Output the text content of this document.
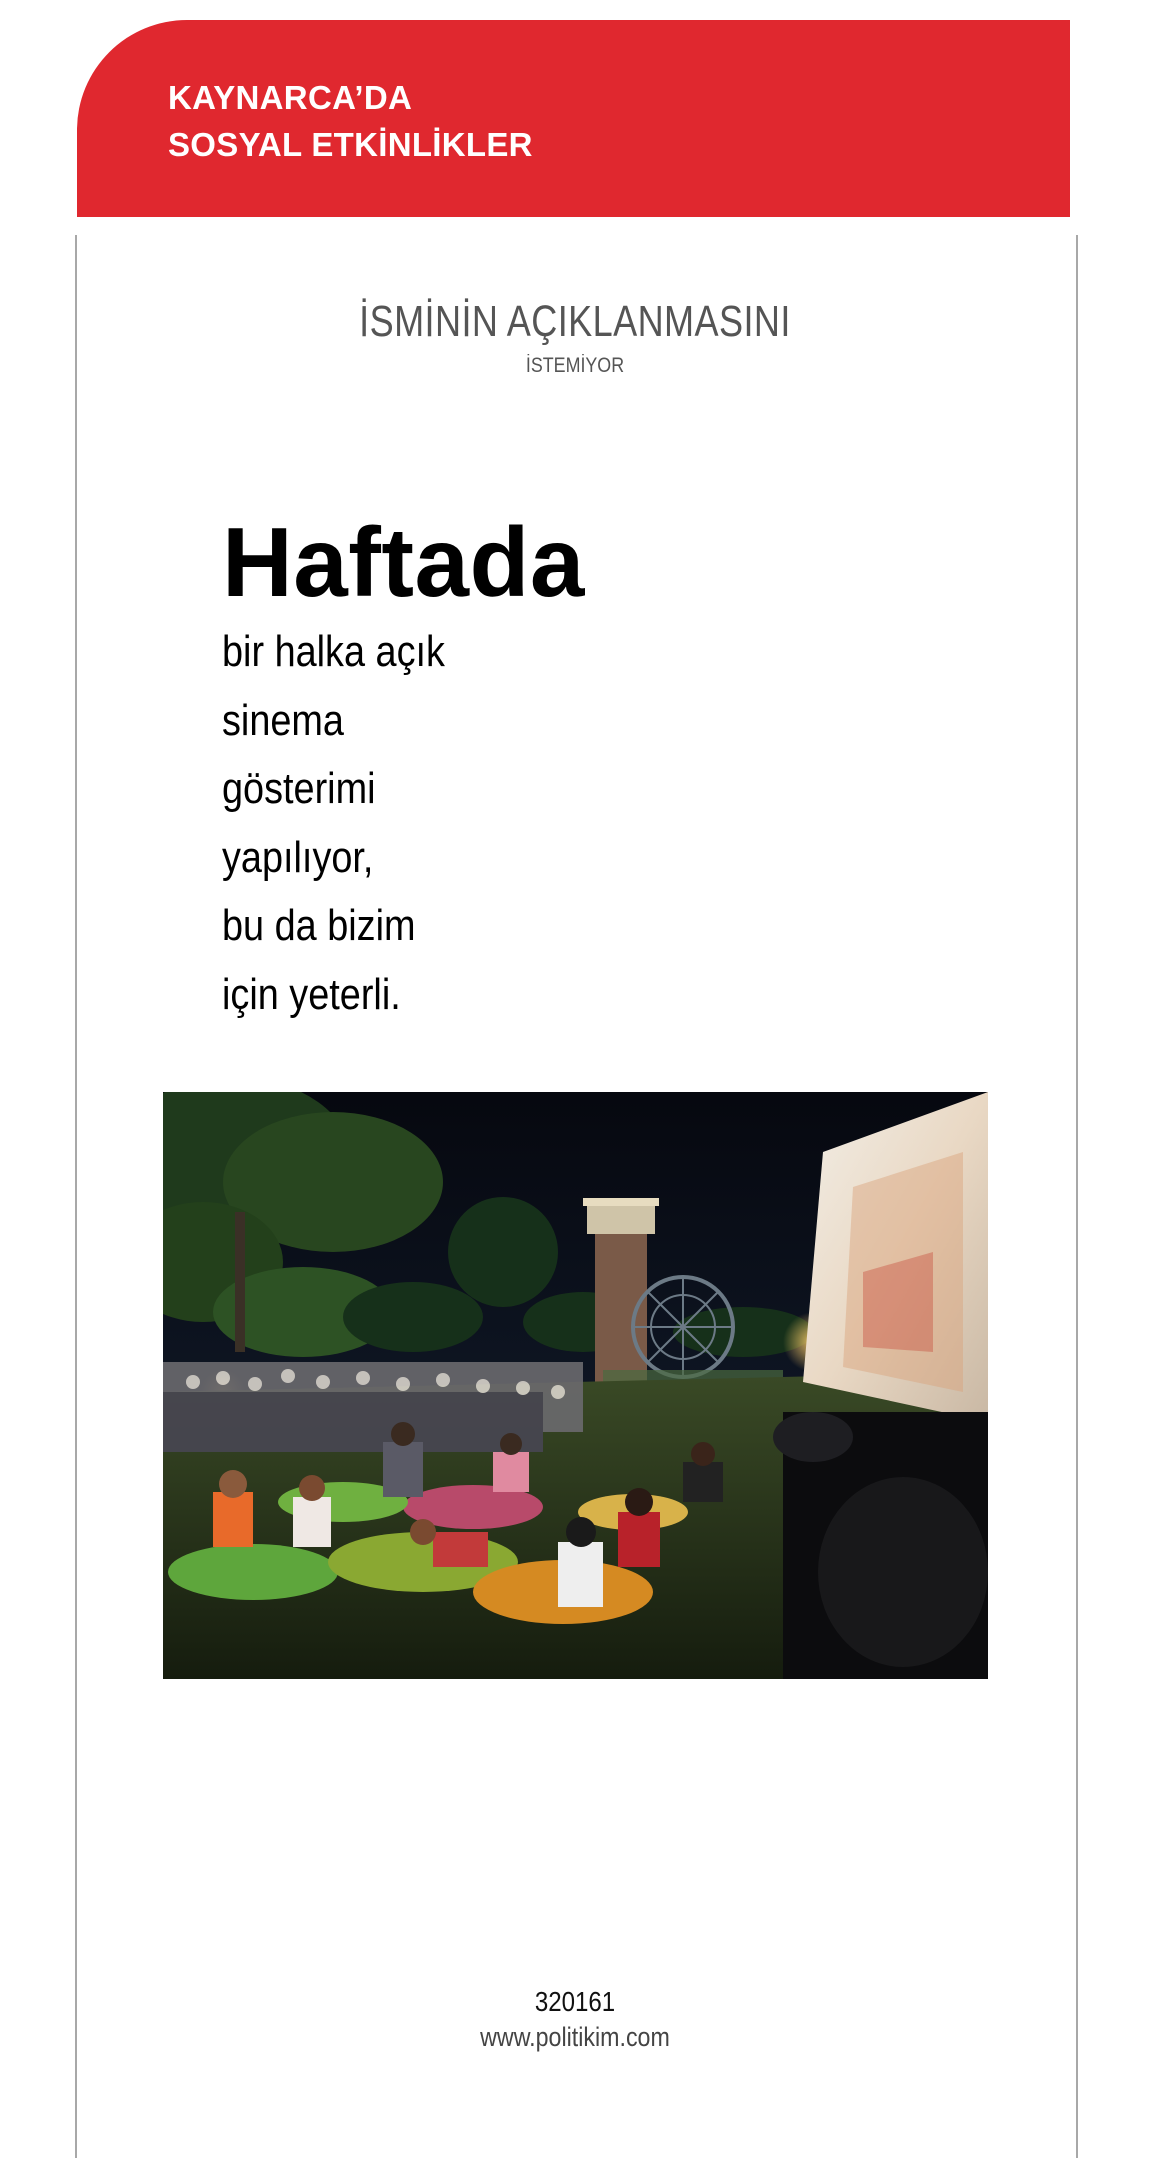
KAYNARCA’DA
SOSYAL ETKİNLİKLER
İSMİNİN AÇIKLANMASINI
İSTEMİYOR
Haftada
bir halka açık
sinema
gösterimi
yapılıyor,
bu da bizim
için yeterli.
320161
www.politikim.com
